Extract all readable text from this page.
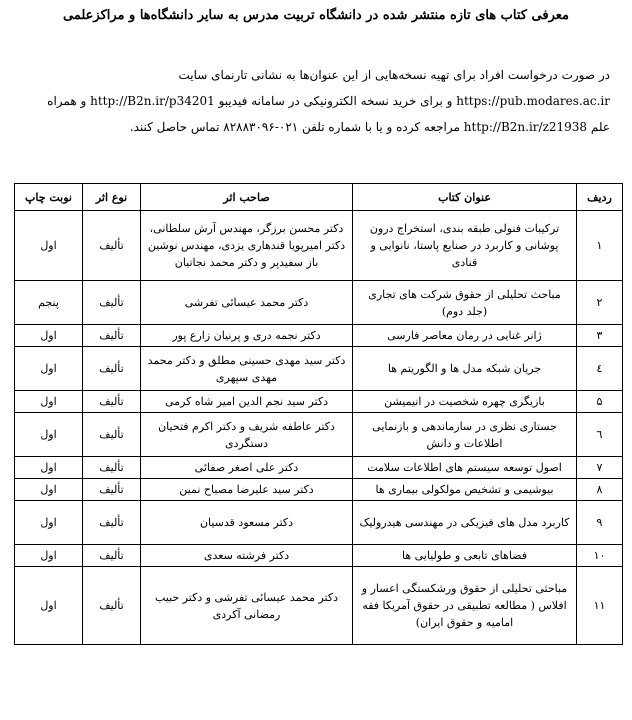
معرفی کتاب های تازه منتشر شده در دانشگاه تربیت مدرس به سایر دانشگاه‌ها و مراکزعلمی
در صورت درخواست افراد برای تهیه نسخه‌هایی از این عنوان‌ها به نشانی تارنمای سایت
https://pub.modares.ac.ir و برای خرید نسخه الکترونیکی در سامانه فیدیبو http://B2n.ir/p34201 و همراه
علم http://B2n.ir/z21938 مراجعه کرده و یا با شماره تلفن ۰۲۱-۸۲۸۸۳۰۹۶ تماس حاصل کنند.
ردیف	عنوان کتاب	صاحب اثر	نوع اثر	نوبت چاپ
۱	ترکیبات فنولی طبقه بندی، استخراج درون پوشانی و کاربرد در صنایع پاستا، نانوایی و قنادی	دکتر محسن برزگر، مهندس آرش سلطانی، دکتر امیرپویا قندهاری یزدی، مهندس نوشین باز سفیدپر و دکتر محمد نجاتیان	تألیف	اول
۲	مباحث تحلیلی از حقوق شرکت های تجاری (جلد دوم)	دکتر محمد عیسائی تفرشی	تألیف	پنجم
۳	ژانر غنایی در رمان معاصر فارسی	دکتر نجمه دری و پرنیان زارع پور	تألیف	اول
٤	جریان شبکه مدل ها و الگوریتم ها	دکتر سید مهدی حسینی مطلق و دکتر محمد مهدی سپهری	تألیف	اول
۵	بازیگری چهره شخصیت در انیمیشن	دکتر سید نجم الدین امیر شاه کرمی	تألیف	اول
٦	جستاری نظری در سازماندهی و بازنمایی اطلاعات و دانش	دکتر عاطفه شریف و دکتر اکرم فتحیان دستگردی	تألیف	اول
۷	اصول توسعه سیستم های اطلاعات سلامت	دکتر علی اصغر صفائی	تألیف	اول
۸	بیوشیمی و تشخیص مولکولی بیماری ها	دکتر سید علیرضا مصباح نمین	تألیف	اول
۹	کاربرد مدل های فیزیکی در مهندسی هیدرولیک	دکتر مسعود قدسیان	تألیف	اول
۱۰	فضاهای تابعی و طولیایی ها	دکتر فرشته سعدی	تألیف	اول
۱۱	مباحثی تحلیلی از حقوق ورشکستگی اعسار و افلاس ( مطالعه تطبیقی در حقوق آمریکا فقه امامیه و حقوق ایران)	دکتر محمد عیسائی تفرشی و دکتر حبیب رمضانی آکردی	تألیف	اول
